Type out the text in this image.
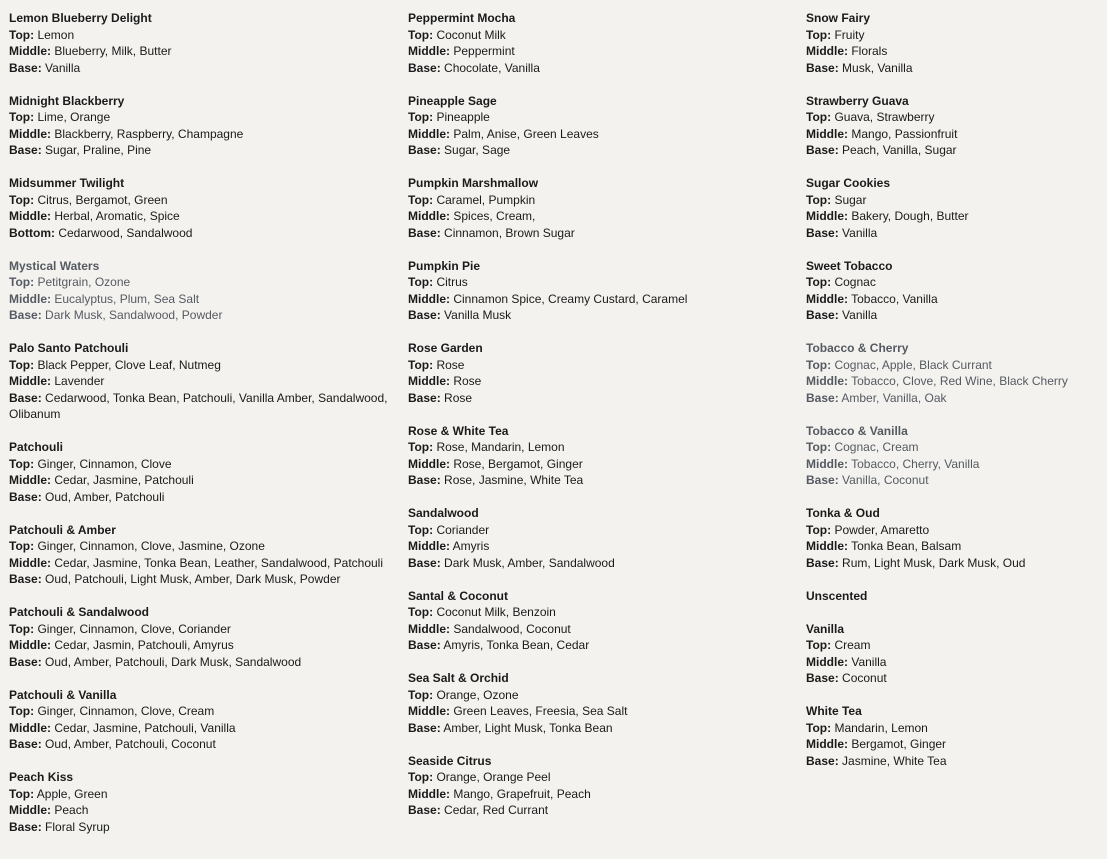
Lemon Blueberry Delight
Top: Lemon
Middle: Blueberry, Milk, Butter
Base: Vanilla
Midnight Blackberry
Top: Lime, Orange
Middle: Blackberry, Raspberry, Champagne
Base: Sugar, Praline, Pine
Midsummer Twilight
Top: Citrus, Bergamot, Green
Middle: Herbal, Aromatic, Spice
Bottom: Cedarwood, Sandalwood
Mystical Waters
Top: Petitgrain, Ozone
Middle: Eucalyptus, Plum, Sea Salt
Base: Dark Musk, Sandalwood, Powder
Palo Santo Patchouli
Top: Black Pepper, Clove Leaf, Nutmeg
Middle: Lavender
Base: Cedarwood, Tonka Bean, Patchouli, Vanilla Amber, Sandalwood, Olibanum
Patchouli
Top: Ginger, Cinnamon, Clove
Middle: Cedar, Jasmine, Patchouli
Base: Oud, Amber, Patchouli
Patchouli & Amber
Top: Ginger, Cinnamon, Clove, Jasmine, Ozone
Middle: Cedar, Jasmine, Tonka Bean, Leather, Sandalwood, Patchouli
Base: Oud, Patchouli, Light Musk, Amber, Dark Musk, Powder
Patchouli & Sandalwood
Top: Ginger, Cinnamon, Clove, Coriander
Middle: Cedar, Jasmin, Patchouli, Amyrus
Base: Oud, Amber, Patchouli, Dark Musk, Sandalwood
Patchouli & Vanilla
Top: Ginger, Cinnamon, Clove, Cream
Middle: Cedar, Jasmine, Patchouli, Vanilla
Base: Oud, Amber, Patchouli, Coconut
Peach Kiss
Top: Apple, Green
Middle: Peach
Base: Floral Syrup
Peppermint Mocha
Top: Coconut Milk
Middle: Peppermint
Base: Chocolate, Vanilla
Pineapple Sage
Top: Pineapple
Middle: Palm, Anise, Green Leaves
Base: Sugar, Sage
Pumpkin Marshmallow
Top: Caramel, Pumpkin
Middle: Spices, Cream,
Base: Cinnamon, Brown Sugar
Pumpkin Pie
Top: Citrus
Middle: Cinnamon Spice, Creamy Custard, Caramel
Base: Vanilla Musk
Rose Garden
Top: Rose
Middle: Rose
Base: Rose
Rose & White Tea
Top: Rose, Mandarin, Lemon
Middle: Rose, Bergamot, Ginger
Base: Rose, Jasmine, White Tea
Sandalwood
Top: Coriander
Middle: Amyris
Base: Dark Musk, Amber, Sandalwood
Santal & Coconut
Top: Coconut Milk, Benzoin
Middle: Sandalwood, Coconut
Base: Amyris, Tonka Bean, Cedar
Sea Salt & Orchid
Top: Orange, Ozone
Middle: Green Leaves, Freesia, Sea Salt
Base: Amber, Light Musk, Tonka Bean
Seaside Citrus
Top: Orange, Orange Peel
Middle: Mango, Grapefruit, Peach
Base: Cedar, Red Currant
Snow Fairy
Top: Fruity
Middle: Florals
Base: Musk, Vanilla
Strawberry Guava
Top: Guava, Strawberry
Middle: Mango, Passionfruit
Base: Peach, Vanilla, Sugar
Sugar Cookies
Top: Sugar
Middle: Bakery, Dough, Butter
Base: Vanilla
Sweet Tobacco
Top: Cognac
Middle: Tobacco, Vanilla
Base: Vanilla
Tobacco & Cherry
Top: Cognac, Apple, Black Currant
Middle: Tobacco, Clove, Red Wine, Black Cherry
Base: Amber, Vanilla, Oak
Tobacco & Vanilla
Top: Cognac, Cream
Middle: Tobacco, Cherry, Vanilla
Base: Vanilla, Coconut
Tonka & Oud
Top: Powder, Amaretto
Middle: Tonka Bean, Balsam
Base: Rum, Light Musk, Dark Musk, Oud
Unscented
Vanilla
Top: Cream
Middle: Vanilla
Base: Coconut
White Tea
Top: Mandarin, Lemon
Middle: Bergamot, Ginger
Base: Jasmine, White Tea
